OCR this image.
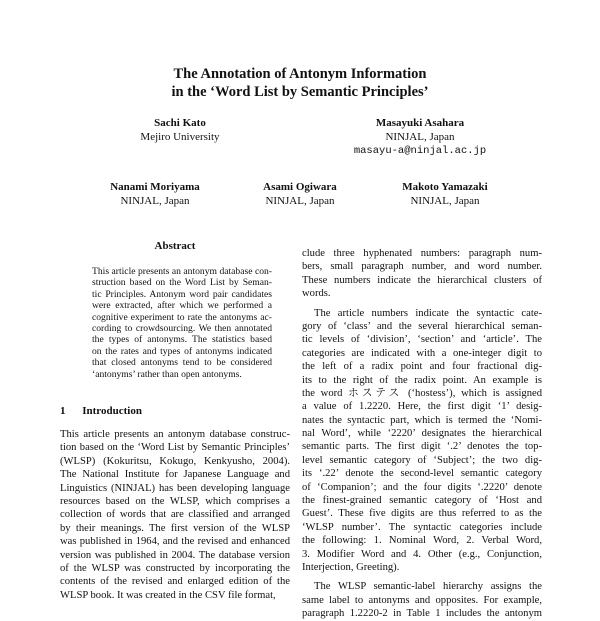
The Annotation of Antonym Information
in the ‘Word List by Semantic Principles’
Sachi Kato
Mejiro University
Masayuki Asahara
NINJAL, Japan
masayu-a@ninjal.ac.jp
Nanami Moriyama
NINJAL, Japan
Asami Ogiwara
NINJAL, Japan
Makoto Yamazaki
NINJAL, Japan
Abstract
This article presents an antonym database con-
struction based on the Word List by Seman-
tic Principles. Antonym word pair candidates
were extracted, after which we performed a
cognitive experiment to rate the antonyms ac-
cording to crowdsourcing. We then annotated
the types of antonyms. The statistics based
on the rates and types of antonyms indicated
that closed antonyms tend to be considered
‘antonyms’ rather than open antonyms.
1 Introduction
This article presents an antonym database construc-
tion based on the ‘Word List by Semantic Principles’
(WLSP) (Kokuritsu, Kokugo, Kenkyusho, 2004).
The National Institute for Japanese Language and
Linguistics (NINJAL) has been developing language
resources based on the WLSP, which comprises a
collection of words that are classified and arranged
by their meanings. The first version of the WLSP
was published in 1964, and the revised and enhanced
version was published in 2004. The database version
of the WLSP was constructed by incorporating the
contents of the revised and enlarged edition of the
WLSP book. It was created in the CSV file format,
clude three hyphenated numbers: paragraph num-
bers, small paragraph number, and word number.
These numbers indicate the hierarchical clusters of
words.
The article numbers indicate the syntactic cate-
gory of ‘class’ and the several hierarchical seman-
tic levels of ‘division’, ‘section’ and ‘article’. The
categories are indicated with a one-integer digit to
the left of a radix point and four fractional dig-
its to the right of the radix point. An example is
the word ホステス (‘hostess’), which is assigned
a value of 1.2220. Here, the first digit ‘1’ desig-
nates the syntactic part, which is termed the ‘Nomi-
nal Word’, while ‘2220’ designates the hierarchical
semantic parts. The first digit ‘.2’ denotes the top-
level semantic category of ‘Subject’; the two dig-
its ‘.22’ denote the second-level semantic category
of ‘Companion’; and the four digits ‘.2220’ denote
the finest-grained semantic category of ‘Host and
Guest’. These five digits are thus referred to as the
‘WLSP number’. The syntactic categories include
the following: 1. Nominal Word, 2. Verbal Word,
3. Modifier Word and 4. Other (e.g., Conjunction,
Interjection, Greeting).
The WLSP semantic-label hierarchy assigns the
same label to antonyms and opposites. For example,
paragraph 1.2220-2 in Table 1 includes the antonym
